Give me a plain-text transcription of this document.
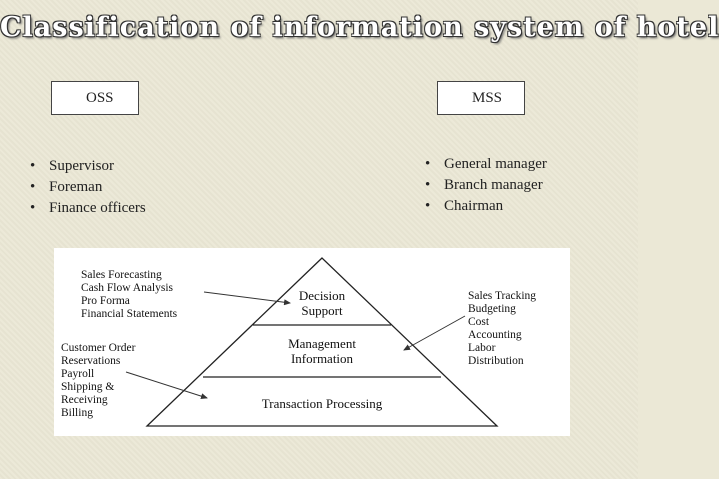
Classification of information system of hotel
OSS	MSS
• Supervisor
• Foreman
• Finance officers
• General manager
• Branch manager
• Chairman
Decision
Support
Management
Information
Transaction Processing
Sales Forecasting
Cash Flow Analysis
Pro Forma
Financial Statements
Sales Tracking
Budgeting
Cost
Accounting
Labor
Distribution
Customer Order
Reservations
Payroll
Shipping &
Receiving
Billing
